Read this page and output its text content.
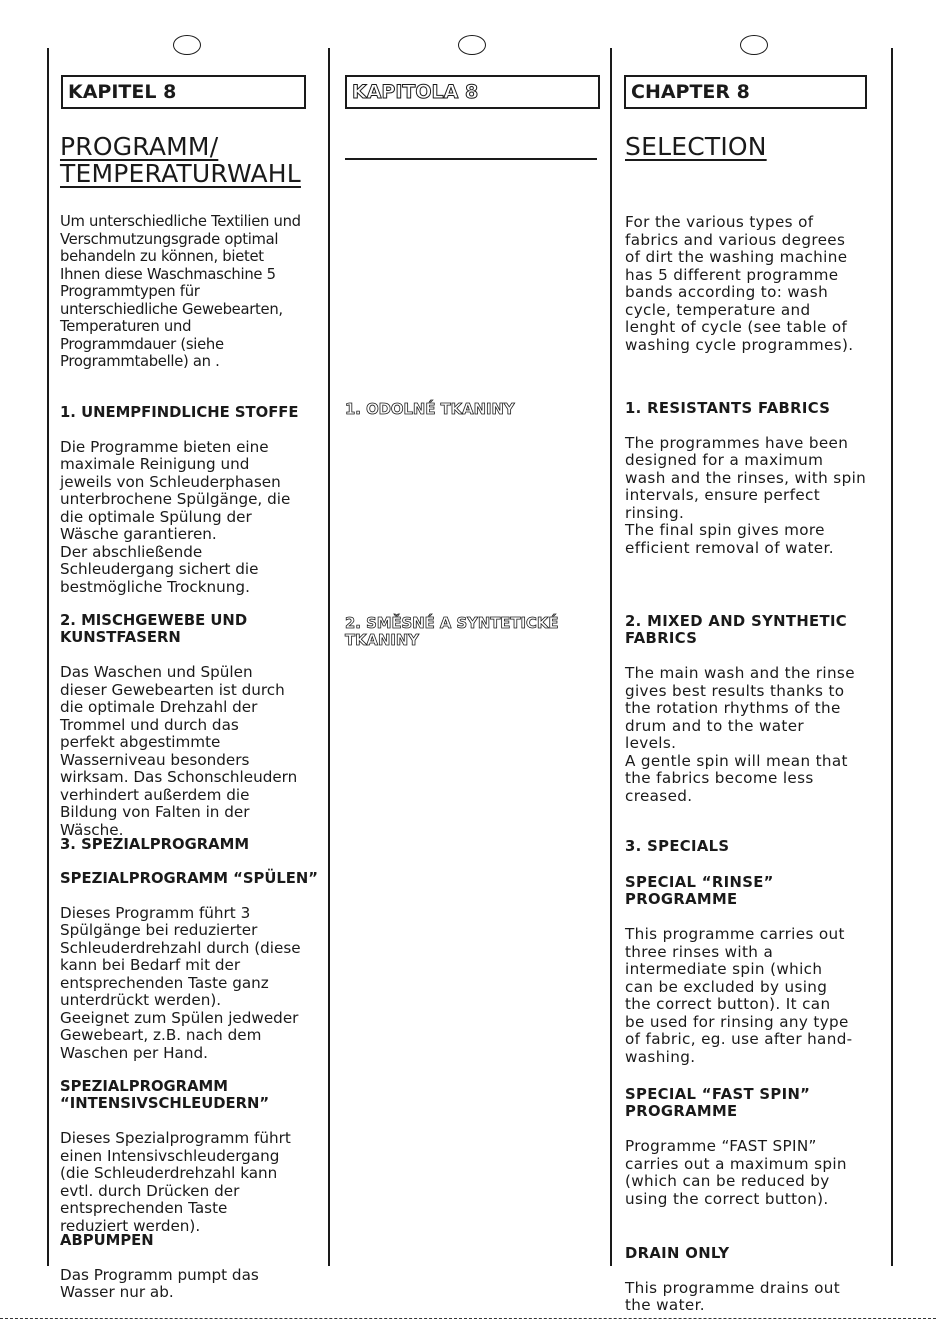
KAPITEL 8
PROGRAMM/
TEMPERATURWAHL
Um unterschiedliche Textilien und
Verschmutzungsgrade optimal
behandeln zu können, bietet
Ihnen diese Waschmaschine 5
Programmtypen für
unterschiedliche Gewebearten,
Temperaturen und
Programmdauer (siehe
Programmtabelle) an .

1. UNEMPFINDLICHE STOFFE

Die Programme bieten eine
maximale Reinigung und
jeweils von Schleuderphasen
unterbrochene Spülgänge, die
die optimale Spülung der
Wäsche garantieren.
Der abschließende
Schleudergang sichert die
bestmögliche Trocknung.

2. MISCHGEWEBE UND
KUNSTFASERN

Das Waschen und Spülen
dieser Gewebearten ist durch
die optimale Drehzahl der
Trommel und durch das
perfekt abgestimmte
Wasserniveau besonders
wirksam. Das Schonschleudern
verhindert außerdem die
Bildung von Falten in der
Wäsche.

3. SPEZIALPROGRAMM

SPEZIALPROGRAMM “SPÜLEN”

Dieses Programm führt 3
Spülgänge bei reduzierter
Schleuderdrehzahl durch (diese
kann bei Bedarf mit der
entsprechenden Taste ganz
unterdrückt werden).
Geeignet zum Spülen jedweder
Gewebeart, z.B. nach dem
Waschen per Hand.

SPEZIALPROGRAMM
“INTENSIVSCHLEUDERN”

Dieses Spezialprogramm führt
einen Intensivschleudergang
(die Schleuderdrehzahl kann
evtl. durch Drücken der
entsprechenden Taste
reduziert werden).

ABPUMPEN

Das Programm pumpt das
Wasser nur ab.

KAPITOLA 8

1. ODOLNÉ TKANINY

2. SMĚSNÉ A SYNTETICKÉ
TKANINY

CHAPTER 8
SELECTION
For the various types of
fabrics and various degrees
of dirt the washing machine
has 5 different programme
bands according to: wash
cycle, temperature and
lenght of cycle (see table of
washing cycle programmes).

1. RESISTANTS FABRICS

The programmes have been
designed for a maximum
wash and the rinses, with spin
intervals, ensure perfect
rinsing.
The final spin gives more
efficient removal of water.

2. MIXED AND SYNTHETIC
FABRICS

The main wash and the rinse
gives best results thanks to
the rotation rhythms of the
drum and to the water
levels.
A gentle spin will mean that
the fabrics become less
creased.

3. SPECIALS

SPECIAL “RINSE”
PROGRAMME

This programme carries out
three rinses with a
intermediate spin (which
can be excluded by using
the correct button). It can
be used for rinsing any type
of fabric, eg. use after hand-
washing.

SPECIAL “FAST SPIN”
PROGRAMME

Programme “FAST SPIN”
carries out a maximum spin
(which can be reduced by
using the correct button).

DRAIN ONLY

This programme drains out
the water.
